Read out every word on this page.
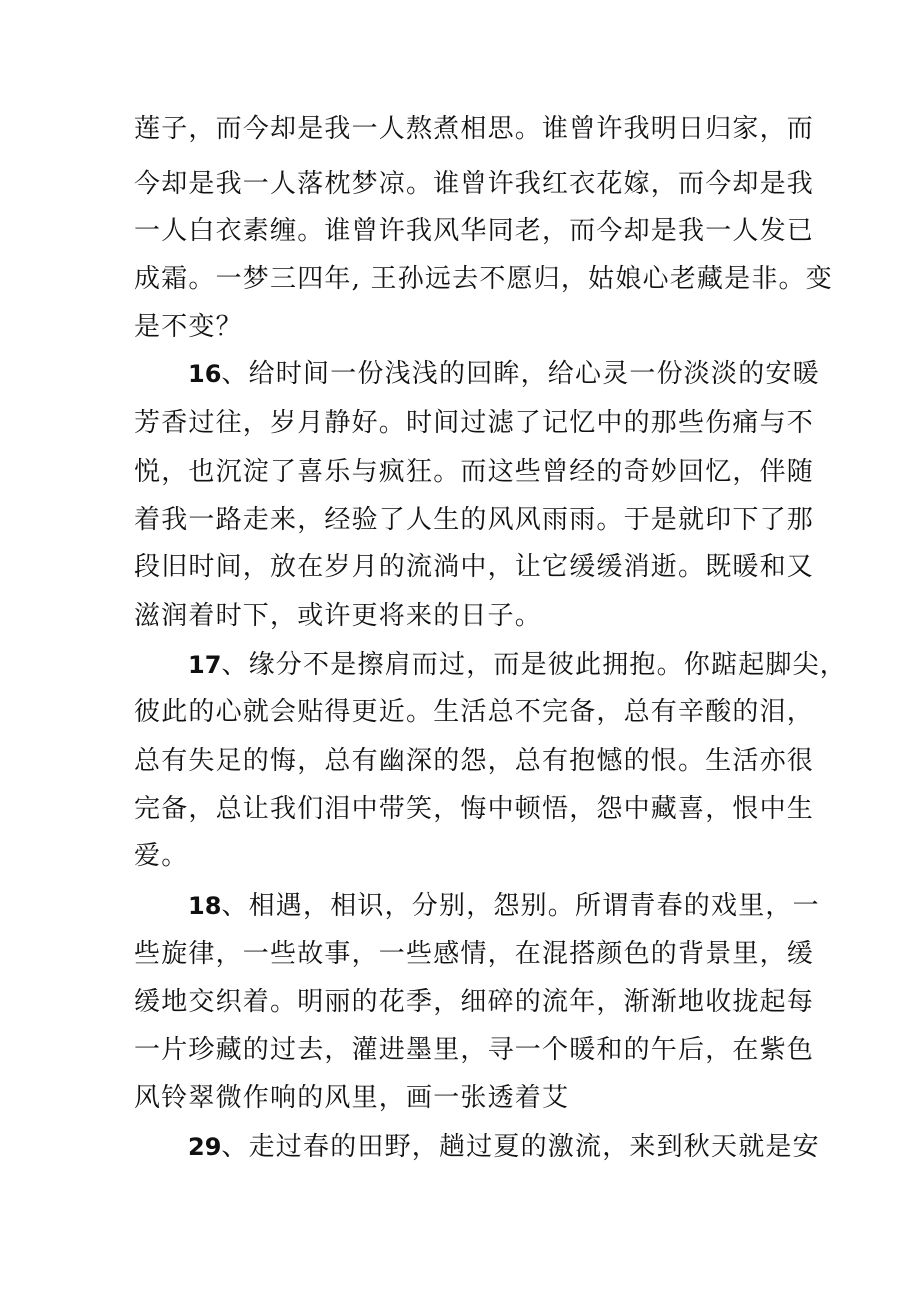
莲子，而今却是我一人熬煮相思。谁曾许我明日归家，而
今却是我一人落枕梦凉。谁曾许我红衣花嫁，而今却是我
一人白衣素缠。谁曾许我风华同老，而今却是我一人发已
成霜。一梦三四年, 王孙远去不愿归，姑娘心老藏是非。变
是不变？
16、给时间一份浅浅的回眸，给心灵一份淡淡的安暖
芳香过往，岁月静好。时间过滤了记忆中的那些伤痛与不
悦，也沉淀了喜乐与疯狂。而这些曾经的奇妙回忆，伴随
着我一路走来，经验了人生的风风雨雨。于是就印下了那
段旧时间，放在岁月的流淌中，让它缓缓消逝。既暖和又
滋润着时下，或许更将来的日子。
17、缘分不是擦肩而过，而是彼此拥抱。你踮起脚尖，
彼此的心就会贴得更近。生活总不完备，总有辛酸的泪，
总有失足的悔，总有幽深的怨，总有抱憾的恨。生活亦很
完备，总让我们泪中带笑，悔中顿悟，怨中藏喜，恨中生
爱。
18、相遇，相识，分别，怨别。所谓青春的戏里，一
些旋律，一些故事，一些感情，在混搭颜色的背景里，缓
缓地交织着。明丽的花季，细碎的流年，渐渐地收拢起每
一片珍藏的过去，灌进墨里，寻一个暖和的午后，在紫色
风铃翠微作响的风里，画一张透着艾
29、走过春的田野，趟过夏的激流，来到秋天就是安
